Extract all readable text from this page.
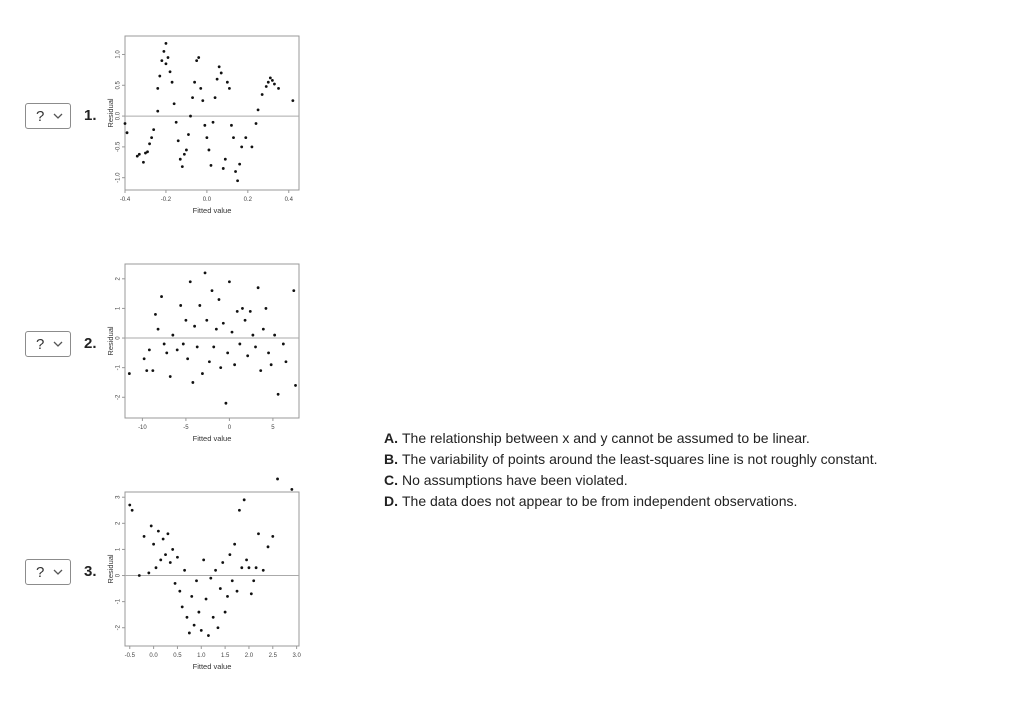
?	1.
-0.4	-0.2	0.0	0.2	0.4
-1.0
-0.5
0.0
0.5
1.0
Fitted value
Residual
?	2.
-10	-5	0	5
-2
-1
0
1
2
Fitted value
Residual
?	3.
-0.5 0.0	0.5	1.0	1.5	2.0	2.5	3.0
-2
-1
0
1
2
3
Fitted value
Residual
A. The relationship between x and y cannot be assumed to be linear.
B. The variability of points around the least-squares line is not roughly constant.
C. No assumptions have been violated.
D. The data does not appear to be from independent observations.
